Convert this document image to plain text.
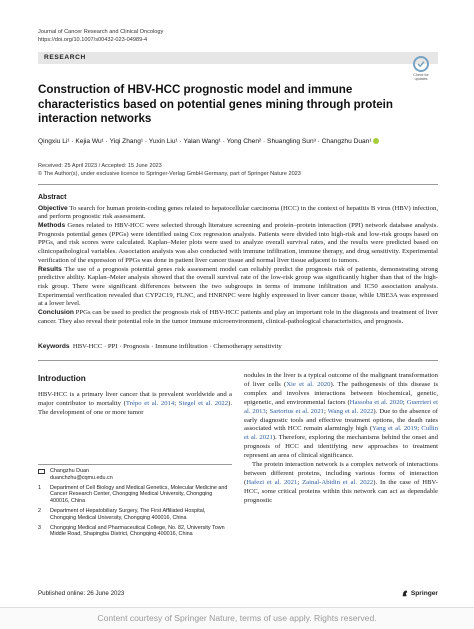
Journal of Cancer Research and Clinical Oncology
https://doi.org/10.1007/s00432-023-04989-4
RESEARCH
Check for updates
Construction of HBV-HCC prognostic model and immune characteristics based on potential genes mining through protein interaction networks
Qingxiu Li¹ · Kejia Wu¹ · Yiqi Zhang¹ · Yuxin Liu¹ · Yalan Wang¹ · Yong Chen² · Shuangling Sun³ · Changzhu Duan¹
Received: 25 April 2023 / Accepted: 15 June 2023
© The Author(s), under exclusive licence to Springer-Verlag GmbH Germany, part of Springer Nature 2023
Abstract

Objective To search for human protein-coding genes related to hepatocellular carcinoma (HCC) in the context of hepatitis B virus (HBV) infection, and perform prognostic risk assessment.

Methods Genes related to HBV-HCC were selected through literature screening and protein–protein interaction (PPI) network database analysis. Prognosis potential genes (PPGs) were identified using Cox regression analysis. Patients were divided into high-risk and low-risk groups based on PPGs, and risk scores were calculated. Kaplan–Meier plots were used to analyze overall survival rates, and the results were predicted based on clinicopathological variables. Association analysis was also conducted with immune infiltration, immune therapy, and drug sensitivity. Experimental verification of the expression of PPGs was done in patient liver cancer tissue and normal liver tissue adjacent to tumors.

Results The use of a prognosis potential genes risk assessment model can reliably predict the prognosis risk of patients, demonstrating strong predictive ability. Kaplan–Meier analysis showed that the overall survival rate of the low-risk group was significantly higher than that of the high-risk group. There were significant differences between the two subgroups in terms of immune infiltration and IC50 association analysis. Experimental verification revealed that CYP2C19, FLNC, and HNRNPC were highly expressed in liver cancer tissue, while UBE3A was expressed at a lower level.

Conclusion PPGs can be used to predict the prognosis risk of HBV-HCC patients and play an important role in the diagnosis and treatment of liver cancer. They also reveal their potential role in the tumor immune microenvironment, clinical-pathological characteristics, and prognosis.

Keywords HBV-HCC · PPI · Prognosis · Immune infiltration · Chemotherapy sensitivity
Introduction

HBV-HCC is a primary liver cancer that is prevalent worldwide and a major contributor to mortality (Trépo et al. 2014; Siegel et al. 2022). The development of one or more tumor

Changzhu Duan
duanchzhu@cqmu.edu.cn
1	Department of Cell Biology and Medical Genetics, Molecular Medicine and Cancer Research Center, Chongqing Medical University, Chongqing 400016, China
2	Department of Hepatobiliary Surgery, The First Affiliated Hospital, Chongqing Medical University, Chongqing 400016, China
3	Chongqing Medical and Pharmaceutical College, No. 82, University Town Middle Road, Shapingba District, Chongqing 400016, China

nodules in the liver is a typical outcome of the malignant transformation of liver cells (Xie et al. 2020). The pathogenesis of this disease is complex and involves interactions between biochemical, genetic, epigenetic, and environmental factors (Hassoba et al. 2020; Guerrieri et al. 2013; Sartorius et al. 2021; Wang et al. 2022). Due to the absence of early diagnostic tools and effective treatment options, the death rates associated with HCC remain alarmingly high (Yang et al. 2019; Cullin et al. 2021). Therefore, exploring the mechanisms behind the onset and prognosis of HCC and identifying new approaches to treatment represent an area of clinical significance.

The protein interaction network is a complex network of interactions between different proteins, including various forms of interaction (Hafezi et al. 2021; Zainal-Abidin et al. 2022). In the case of HBV-HCC, some critical proteins within this network can act as dependable prognostic

Published online: 26 June 2023	Springer
Content courtesy of Springer Nature, terms of use apply. Rights reserved.
